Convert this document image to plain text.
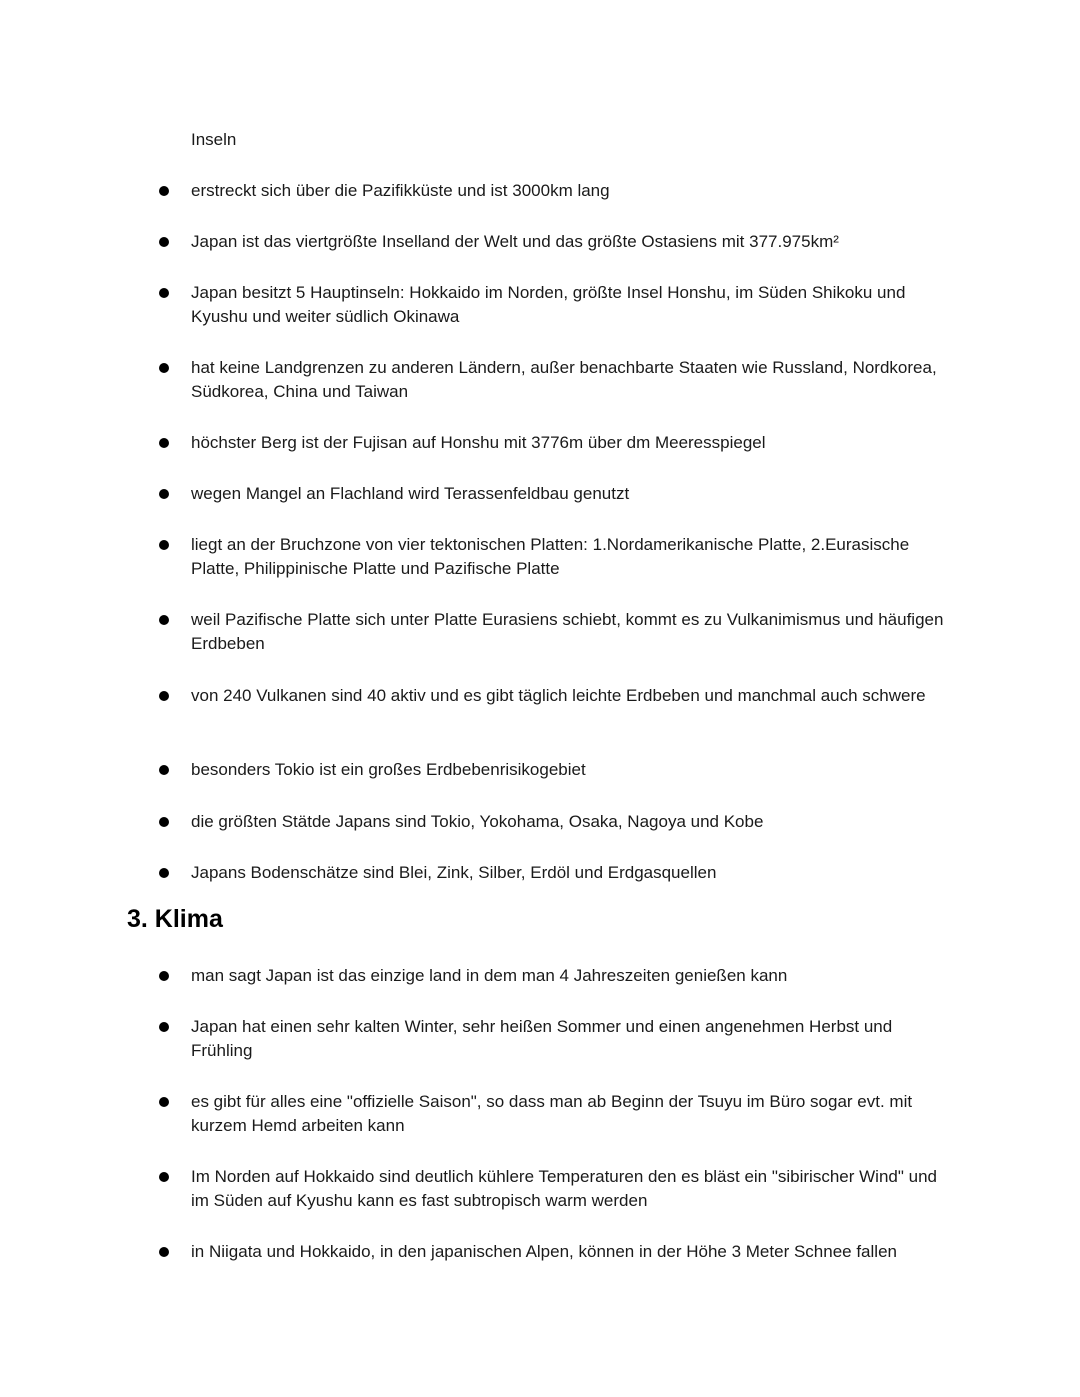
Inseln
erstreckt sich über die Pazifikküste und ist 3000km lang
Japan ist das viertgrößte Inselland der Welt und das größte Ostasiens mit 377.975km²
Japan besitzt 5 Hauptinseln: Hokkaido im Norden, größte Insel Honshu, im Süden Shikoku und Kyushu und weiter südlich Okinawa
hat keine Landgrenzen zu anderen Ländern, außer benachbarte Staaten wie Russland, Nordkorea, Südkorea, China und Taiwan
höchster Berg ist der Fujisan auf Honshu mit 3776m über dm Meeresspiegel
wegen Mangel an Flachland wird Terassenfeldbau genutzt
liegt an der Bruchzone von vier tektonischen Platten: 1.Nordamerikanische Platte, 2.Eurasische Platte, Philippinische Platte und Pazifische Platte
weil Pazifische Platte sich unter Platte Eurasiens schiebt, kommt es zu Vulkanimismus und häufigen Erdbeben
von 240 Vulkanen sind 40 aktiv und es gibt täglich leichte Erdbeben und manchmal auch schwere
besonders Tokio ist ein großes Erdbebenrisikogebiet
die größten Stätde Japans sind Tokio, Yokohama, Osaka, Nagoya und Kobe
Japans Bodenschätze sind Blei, Zink, Silber, Erdöl und Erdgasquellen
3. Klima
man sagt Japan ist das einzige land in dem man 4 Jahreszeiten genießen kann
Japan hat einen sehr kalten Winter, sehr heißen Sommer und einen angenehmen Herbst und Frühling
es gibt für alles eine "offizielle Saison", so dass man ab Beginn der Tsuyu im Büro sogar evt. mit kurzem Hemd arbeiten kann
Im Norden auf Hokkaido sind deutlich kühlere Temperaturen den es bläst ein "sibirischer Wind" und im Süden auf Kyushu kann es fast subtropisch warm werden
in Niigata und Hokkaido, in den japanischen Alpen, können in der Höhe 3 Meter Schnee fallen
